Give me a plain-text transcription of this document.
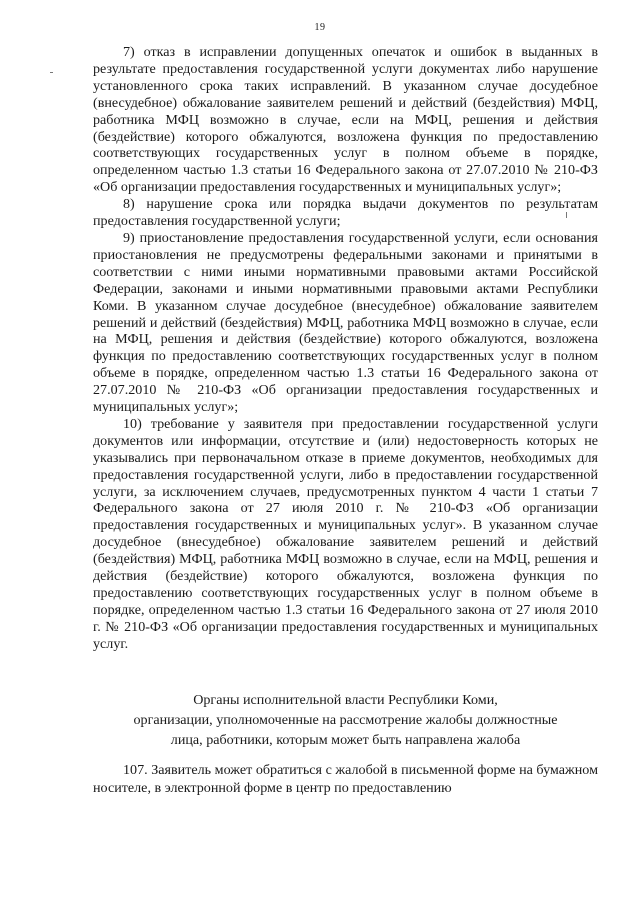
19

7) отказ в исправлении допущенных опечаток и ошибок в выданных в результате предоставления государственной услуги документах либо нарушение установленного срока таких исправлений. В указанном случае досудебное (внесудебное) обжалование заявителем решений и действий (бездействия) МФЦ, работника МФЦ возможно в случае, если на МФЦ, решения и действия (бездействие) которого обжалуются, возложена функция по предоставлению соответствующих государственных услуг в полном объеме в порядке, определенном частью 1.3 статьи 16 Федерального закона от 27.07.2010 № 210-ФЗ «Об организации предоставления государственных и муниципальных услуг»;

8) нарушение срока или порядка выдачи документов по результатам предоставления государственной услуги;

9) приостановление предоставления государственной услуги, если основания приостановления не предусмотрены федеральными законами и принятыми в соответствии с ними иными нормативными правовыми актами Российской Федерации, законами и иными нормативными правовыми актами Республики Коми. В указанном случае досудебное (внесудебное) обжалование заявителем решений и действий (бездействия) МФЦ, работника МФЦ возможно в случае, если на МФЦ, решения и действия (бездействие) которого обжалуются, возложена функция по предоставлению соответствующих государственных услуг в полном объеме в порядке, определенном частью 1.3 статьи 16 Федерального закона от 27.07.2010 № 210-ФЗ «Об организации предоставления государственных и муниципальных услуг»;

10) требование у заявителя при предоставлении государственной услуги документов или информации, отсутствие и (или) недостоверность которых не указывались при первоначальном отказе в приеме документов, необходимых для предоставления государственной услуги, либо в предоставлении государственной услуги, за исключением случаев, предусмотренных пунктом 4 части 1 статьи 7 Федерального закона от 27 июля 2010 г. № 210-ФЗ «Об организации предоставления государственных и муниципальных услуг». В указанном случае досудебное (внесудебное) обжалование заявителем решений и действий (бездействия) МФЦ, работника МФЦ возможно в случае, если на МФЦ, решения и действия (бездействие) которого обжалуются, возложена функция по предоставлению соответствующих государственных услуг в полном объеме в порядке, определенном частью 1.3 статьи 16 Федерального закона от 27 июля 2010 г. № 210-ФЗ «Об организации предоставления государственных и муниципальных услуг.

Органы исполнительной власти Республики Коми,
организации, уполномоченные на рассмотрение жалобы должностные
лица, работники, которым может быть направлена жалоба

107. Заявитель может обратиться с жалобой в письменной форме на бумажном носителе, в электронной форме в центр по предоставлению
